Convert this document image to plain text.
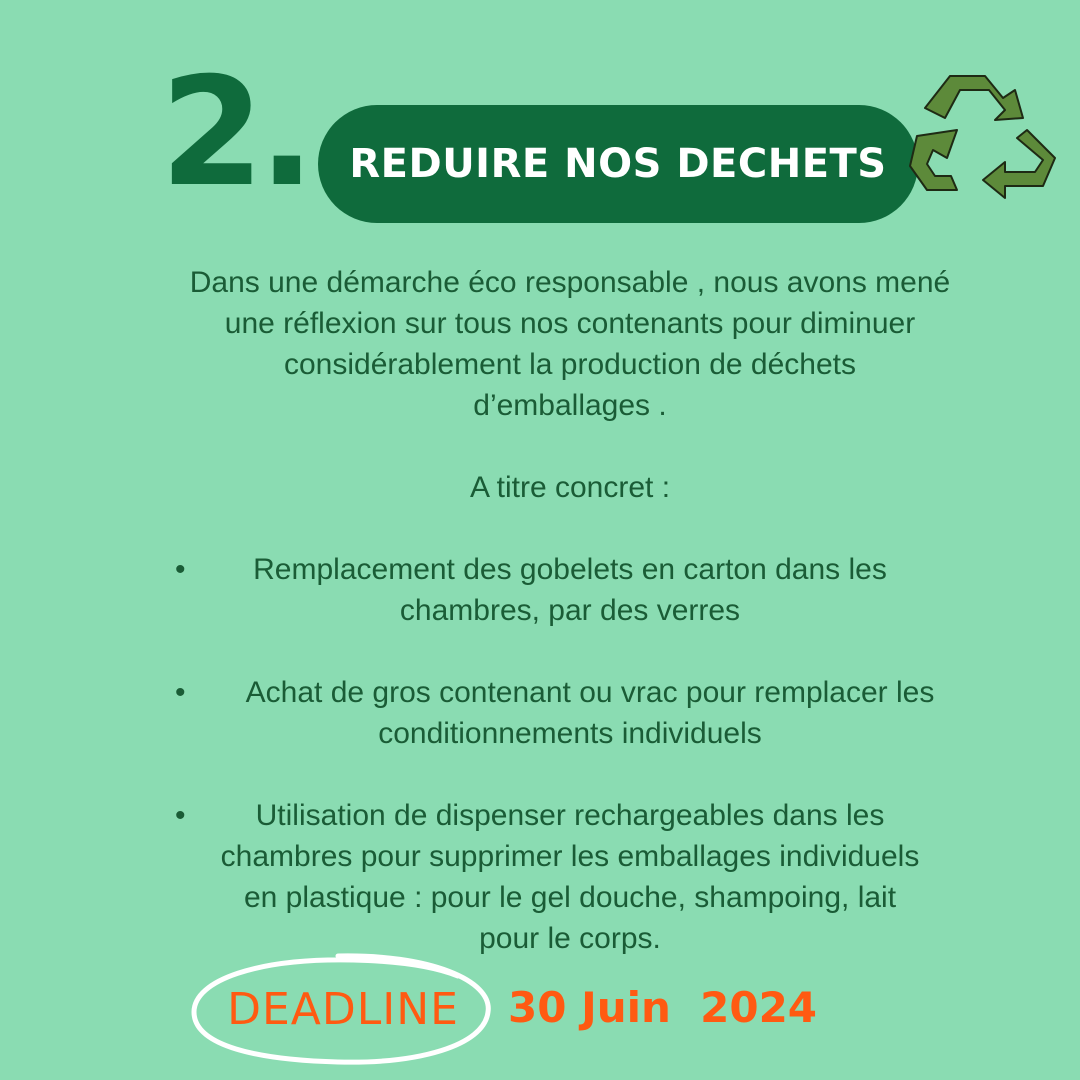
2. REDUIRE NOS DECHETS

Dans une démarche éco responsable , nous avons mené

une réflexion sur tous nos contenants pour diminuer

considérablement la production de déchets

d’emballages .

A titre concret :

•	Remplacement des gobelets en carton dans les

chambres, par des verres

•	Achat de gros contenant ou vrac pour remplacer les

conditionnements individuels

•	Utilisation de dispenser rechargeables dans les

chambres pour supprimer les emballages individuels

en plastique : pour le gel douche, shampoing, lait

pour le corps.

DEADLINE	30 Juin  2024
